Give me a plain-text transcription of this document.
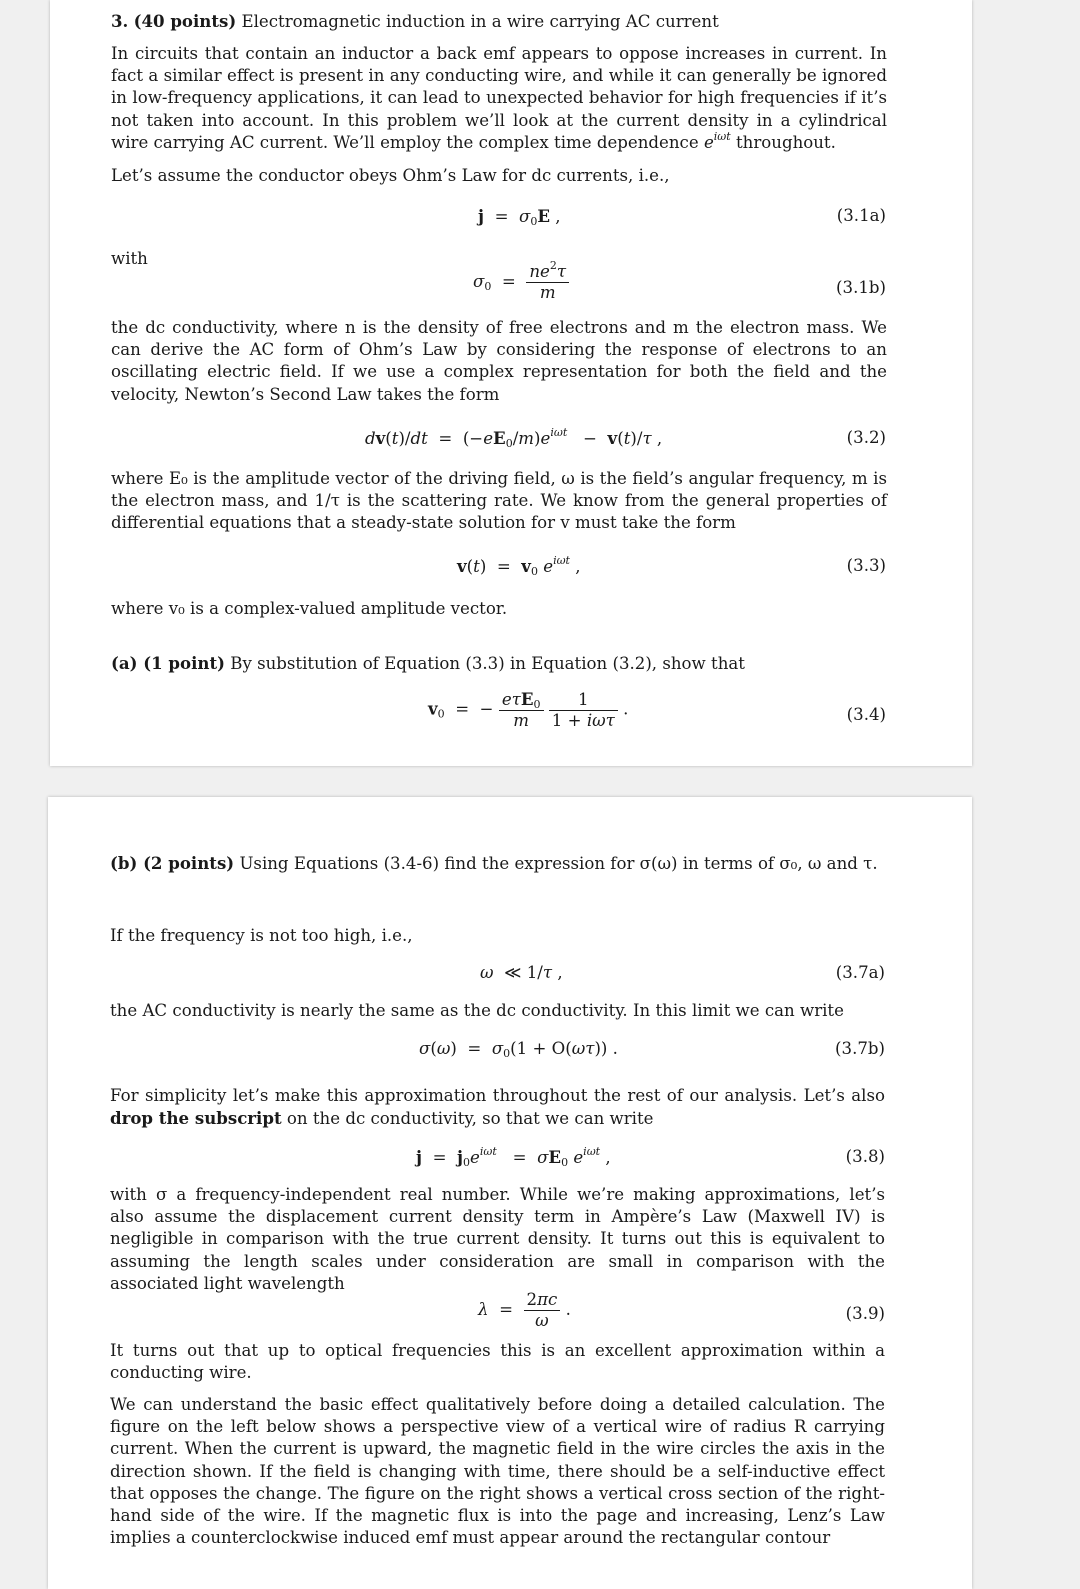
3. (40 points) Electromagnetic induction in a wire carrying AC current
In circuits that contain an inductor a back emf appears to oppose increases in current. In fact a similar effect is present in any conducting wire, and while it can generally be ignored in low-frequency applications, it can lead to unexpected behavior for high frequencies if it’s not taken into account. In this problem we’ll look at the current density in a cylindrical wire carrying AC current. We’ll employ the complex time dependence $e^{i\omega t}$ throughout.
Let’s assume the conductor obeys Ohm’s Law for dc currents, i.e.,
$j = \sigma_0E$ ,	(3.1a)
with
$\sigma_0 = \frac{ne^2\tau}{m}$	(3.1b)
the dc conductivity, where n is the density of free electrons and m the electron mass. We can derive the AC form of Ohm’s Law by considering the response of electrons to an oscillating electric field. If we use a complex representation for both the field and the velocity, Newton’s Second Law takes the form
$dv(t)/dt = (-eE_0/m)e^{i\omega t} - v(t)/\tau$ ,	(3.2)
where E₀ is the amplitude vector of the driving field, ω is the field’s angular frequency, m is the electron mass, and 1/τ is the scattering rate. We know from the general properties of differential equations that a steady-state solution for v must take the form
$v(t) = v_0$ $e^{i\omega t}$ ,	(3.3)
where v₀ is a complex-valued amplitude vector.
(a) (1 point) By substitution of Equation (3.3) in Equation (3.2), show that
$v_0$  =  − $\frac{e\tau E_0}{m}$
$\frac{1}{\text{1 + iωτ}}$ .	(3.4)
(b) (2 points) Using Equations (3.4-6) find the expression for σ(ω) in terms of σ₀, ω and τ.
If the frequency is not too high, i.e.,
ω  ≪ 1/τ ,	(3.7a)
the AC conductivity is nearly the same as the dc conductivity. In this limit we can write
$\sigma(\omega) = \sigma_0(1 + O(\omega\tau))$ .	(3.7b)
For simplicity let’s make this approximation throughout the rest of our analysis. Let’s also drop the subscript on the dc conductivity, so that we can write
$j = j_0e^{i\omega t} = \sigma E_0$ $e^{i\omega t}$ ,	(3.8)
with σ a frequency-independent real number. While we’re making approximations, let’s also assume the displacement current density term in Ampère’s Law (Maxwell IV) is negligible in comparison with the true current density. It turns out this is equivalent to assuming the length scales under consideration are small in comparison with the associated light wavelength
$\lambda = \frac{2\pi c}{\omega}$ .	(3.9)
It turns out that up to optical frequencies this is an excellent approximation within a conducting wire.
We can understand the basic effect qualitatively before doing a detailed calculation. The figure on the left below shows a perspective view of a vertical wire of radius R carrying current. When the current is upward, the magnetic field in the wire circles the axis in the direction shown. If the field is changing with time, there should be a self-inductive effect that opposes the change. The figure on the right shows a vertical cross section of the right-hand side of the wire. If the magnetic flux is into the page and increasing, Lenz’s Law implies a counterclockwise induced emf must appear around the rectangular contour
